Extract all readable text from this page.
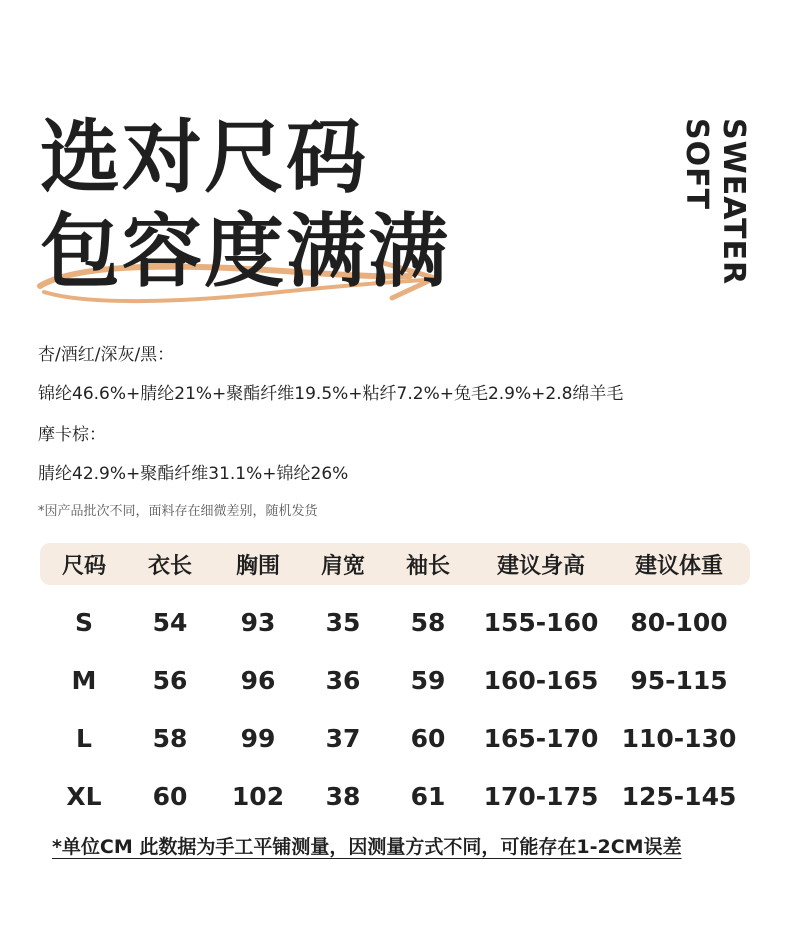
选对尺码
包容度满满	SWEATER
SOFT

杏/酒红/深灰/黑：

锦纶46.6%+腈纶21%+聚酯纤维19.5%+粘纤7.2%+兔毛2.9%+2.8绵羊毛

摩卡棕：

腈纶42.9%+聚酯纤维31.1%+锦纶26%

*因产品批次不同，面料存在细微差别，随机发货

尺码	衣长	胸围	肩宽	袖长	建议身高	建议体重
S	54	93	35	58	155-160	80-100
M	56	96	36	59	160-165	95-115
L	58	99	37	60	165-170 110-130
XL	60	102	38	61	170-175 125-145

*单位CM 此数据为手工平铺测量，因测量方式不同，可能存在1-2CM误差
